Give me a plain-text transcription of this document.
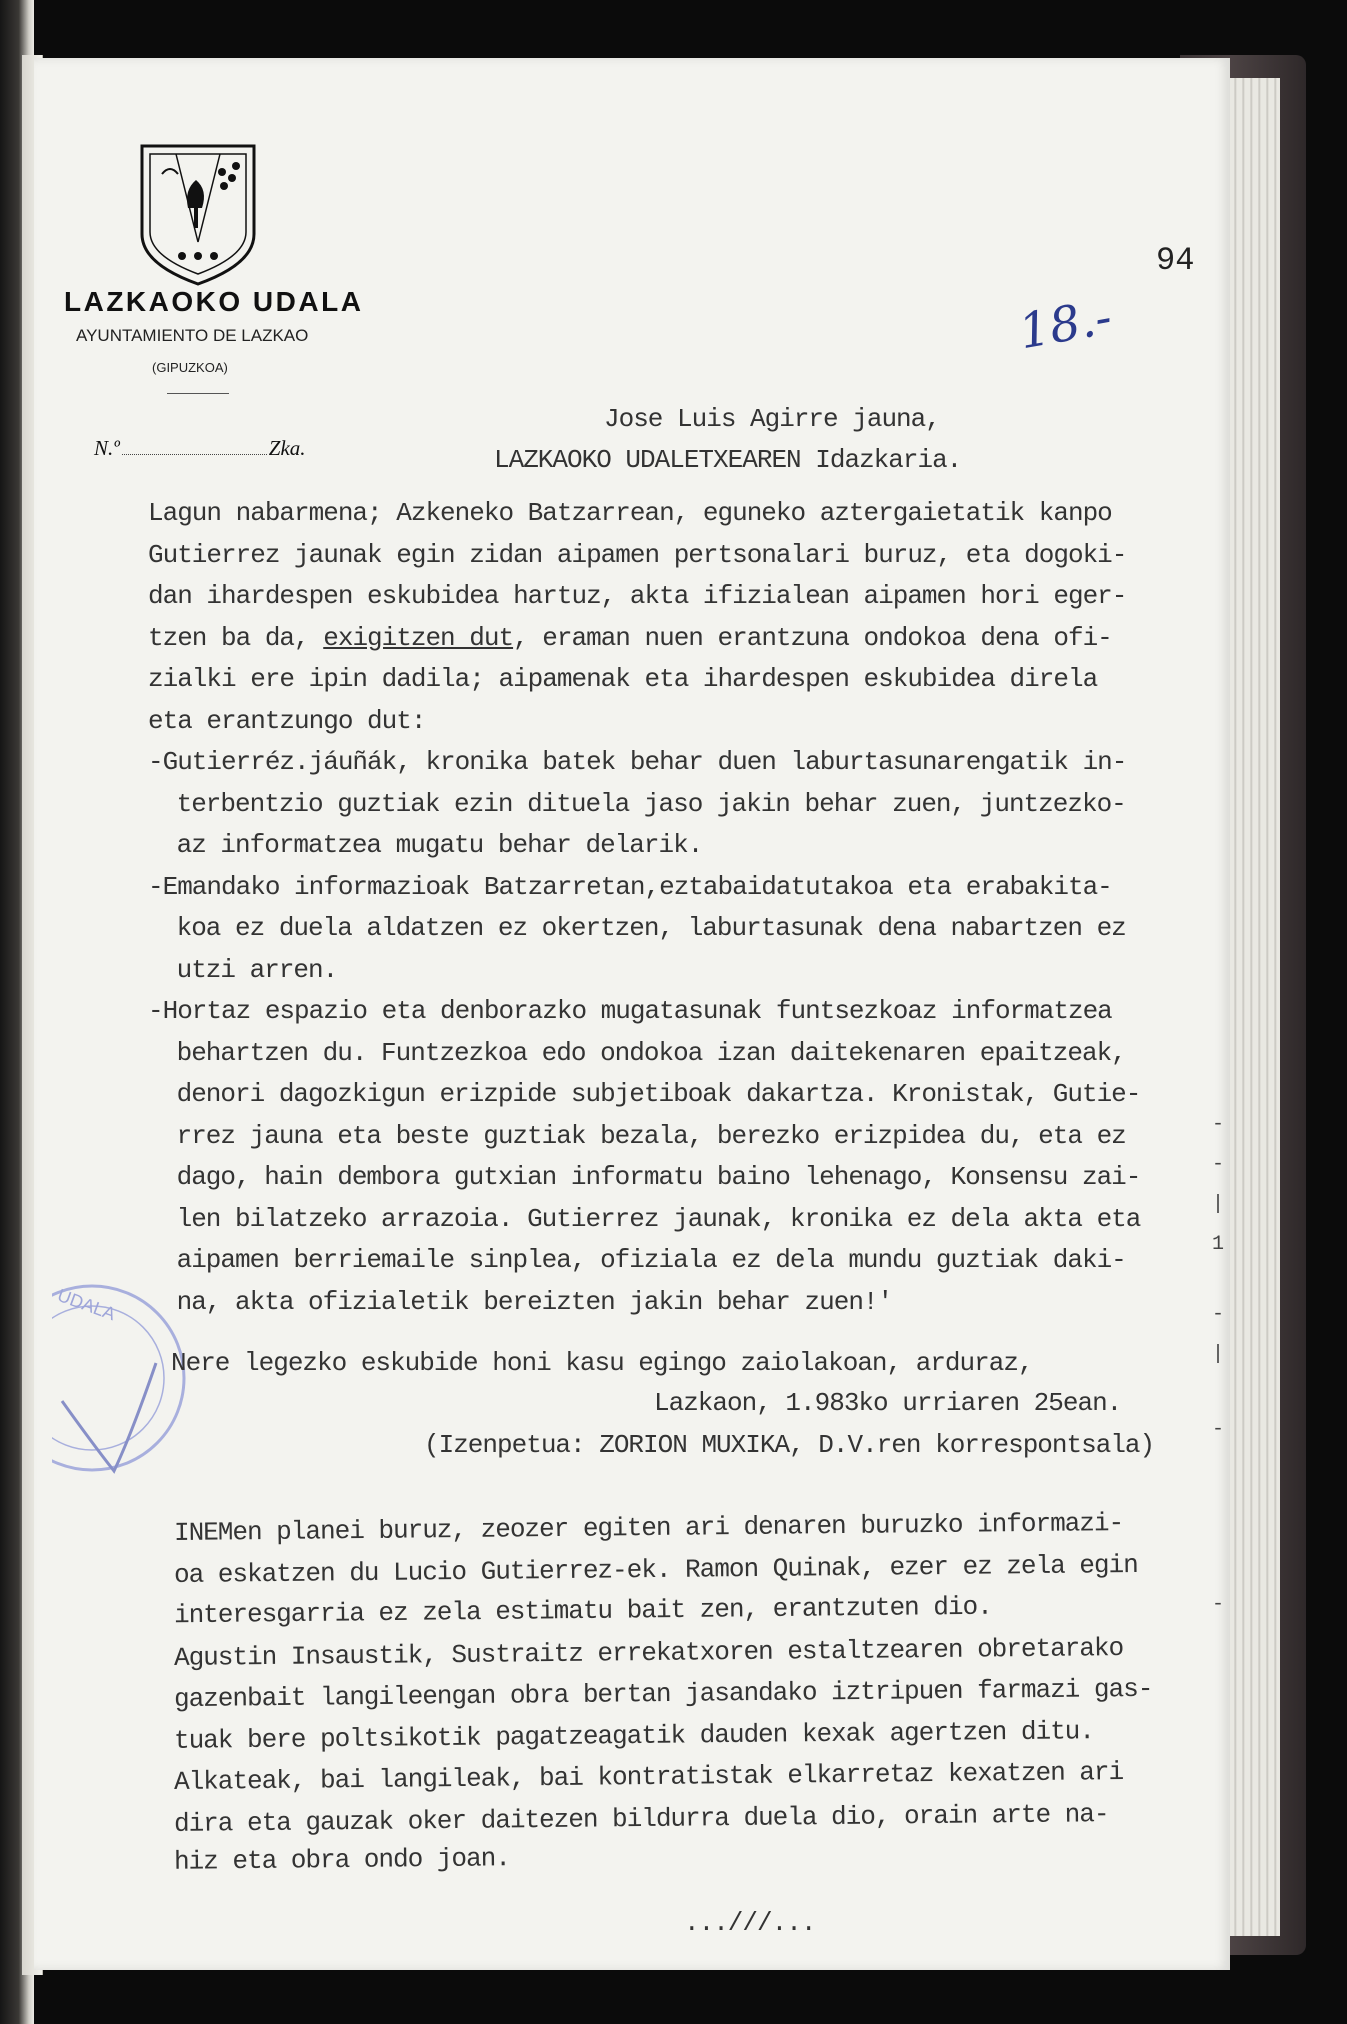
LAZKAOKO UDALA
AYUNTAMIENTO DE LAZKAO
(GIPUZKOA)
N.º	Zka.
94
18.-
UDALA
Jose Luis Agirre jauna,
LAZKAOKO UDALETXEAREN Idazkaria.
Lagun nabarmena; Azkeneko Batzarrean, eguneko aztergaietatik kanpo
Gutierrez jaunak egin zidan aipamen pertsonalari buruz, eta dogoki-
dan ihardespen eskubidea hartuz, akta ifizialean aipamen hori eger-
tzen ba da, exigitzen dut, eraman nuen erantzuna ondokoa dena ofi-
zialki ere ipin dadila; aipamenak eta ihardespen eskubidea direla
eta erantzungo dut:
-Gutierréz.jáuñák, kronika batek behar duen laburtasunarengatik in-
terbentzio guztiak ezin dituela jaso jakin behar zuen, juntzezko-
az informatzea mugatu behar delarik.
-Emandako informazioak Batzarretan,eztabaidatutakoa eta erabakita-
koa ez duela aldatzen ez okertzen, laburtasunak dena nabartzen ez
utzi arren.
-Hortaz espazio eta denborazko mugatasunak funtsezkoaz informatzea
behartzen du. Funtzezkoa edo ondokoa izan daitekenaren epaitzeak,
denori dagozkigun erizpide subjetiboak dakartza. Kronistak, Gutie-
rrez jauna eta beste guztiak bezala, berezko erizpidea du, eta ez
dago, hain dembora gutxian informatu baino lehenago, Konsensu zai-
len bilatzeko arrazoia. Gutierrez jaunak, kronika ez dela akta eta
aipamen berriemaile sinplea, ofiziala ez dela mundu guztiak daki-
na, akta ofizialetik bereizten jakin behar zuen!'
Nere legezko eskubide honi kasu egingo zaiolakoan, arduraz,
Lazkaon, 1.983ko urriaren 25ean.
(Izenpetua: ZORION MUXIKA, D.V.ren korrespontsala)
INEMen planei buruz, zeozer egiten ari denaren buruzko informazi-
oa eskatzen du Lucio Gutierrez-ek. Ramon Quinak, ezer ez zela egin
interesgarria ez zela estimatu bait zen, erantzuten dio.
Agustin Insaustik, Sustraitz errekatxoren estaltzearen obretarako
gazenbait langileengan obra bertan jasandako iztripuen farmazi gas-
tuak bere poltsikotik pagatzeagatik dauden kexak agertzen ditu.
Alkateak, bai langileak, bai kontratistak elkarretaz kexatzen ari
dira eta gauzak oker daitezen bildurra duela dio, orain arte na-
hiz eta obra ondo joan.
...///...
-
-
|
1
-
|
-
-
